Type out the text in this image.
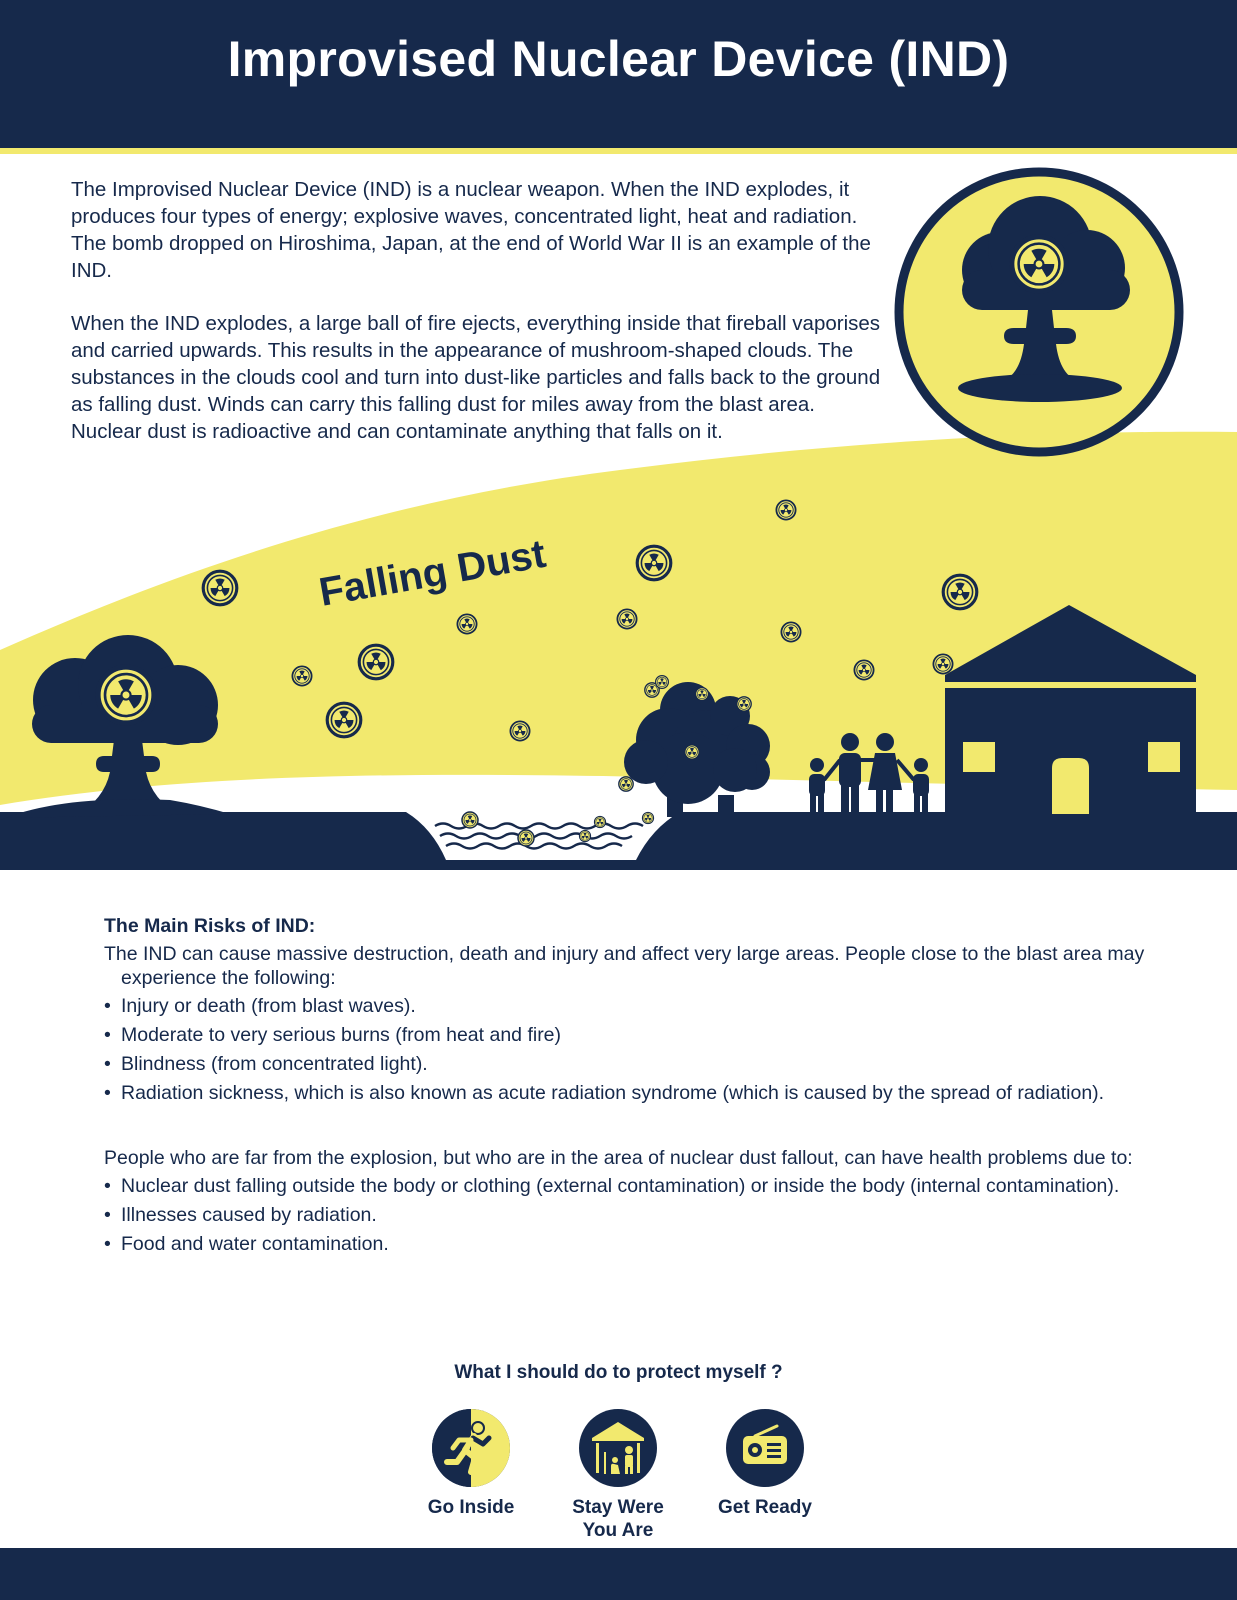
Improvised Nuclear Device (IND)

The Improvised Nuclear Device (IND) is a nuclear weapon. When the IND explodes, it produces four types of energy; explosive waves, concentrated light, heat and radiation. The bomb dropped on Hiroshima, Japan, at the end of World War II is an example of the IND.

When the IND explodes, a large ball of fire ejects, everything inside that fireball vaporises and carried upwards. This results in the appearance of mushroom-shaped clouds. The substances in the clouds cool and turn into dust-like particles and falls back to the ground as falling dust. Winds can carry this falling dust for miles away from the blast area. Nuclear dust is radioactive and can contaminate anything that falls on it.

Falling Dust
The Main Risks of IND:

The IND can cause massive destruction, death and injury and affect very large areas. People close to the blast area may experience the following:

• Injury or death (from blast waves).
• Moderate to very serious burns (from heat and fire)
• Blindness (from concentrated light).
• Radiation sickness, which is also known as acute radiation syndrome (which is caused by the spread of radiation).

People who are far from the explosion, but who are in the area of nuclear dust fallout, can have health problems due to:

• Nuclear dust falling outside the body or clothing (external contamination) or inside the body (internal contamination).
• Illnesses caused by radiation.
• Food and water contamination.
What I should do to protect myself ?
Go Inside	Stay Were You Are
Get Ready
